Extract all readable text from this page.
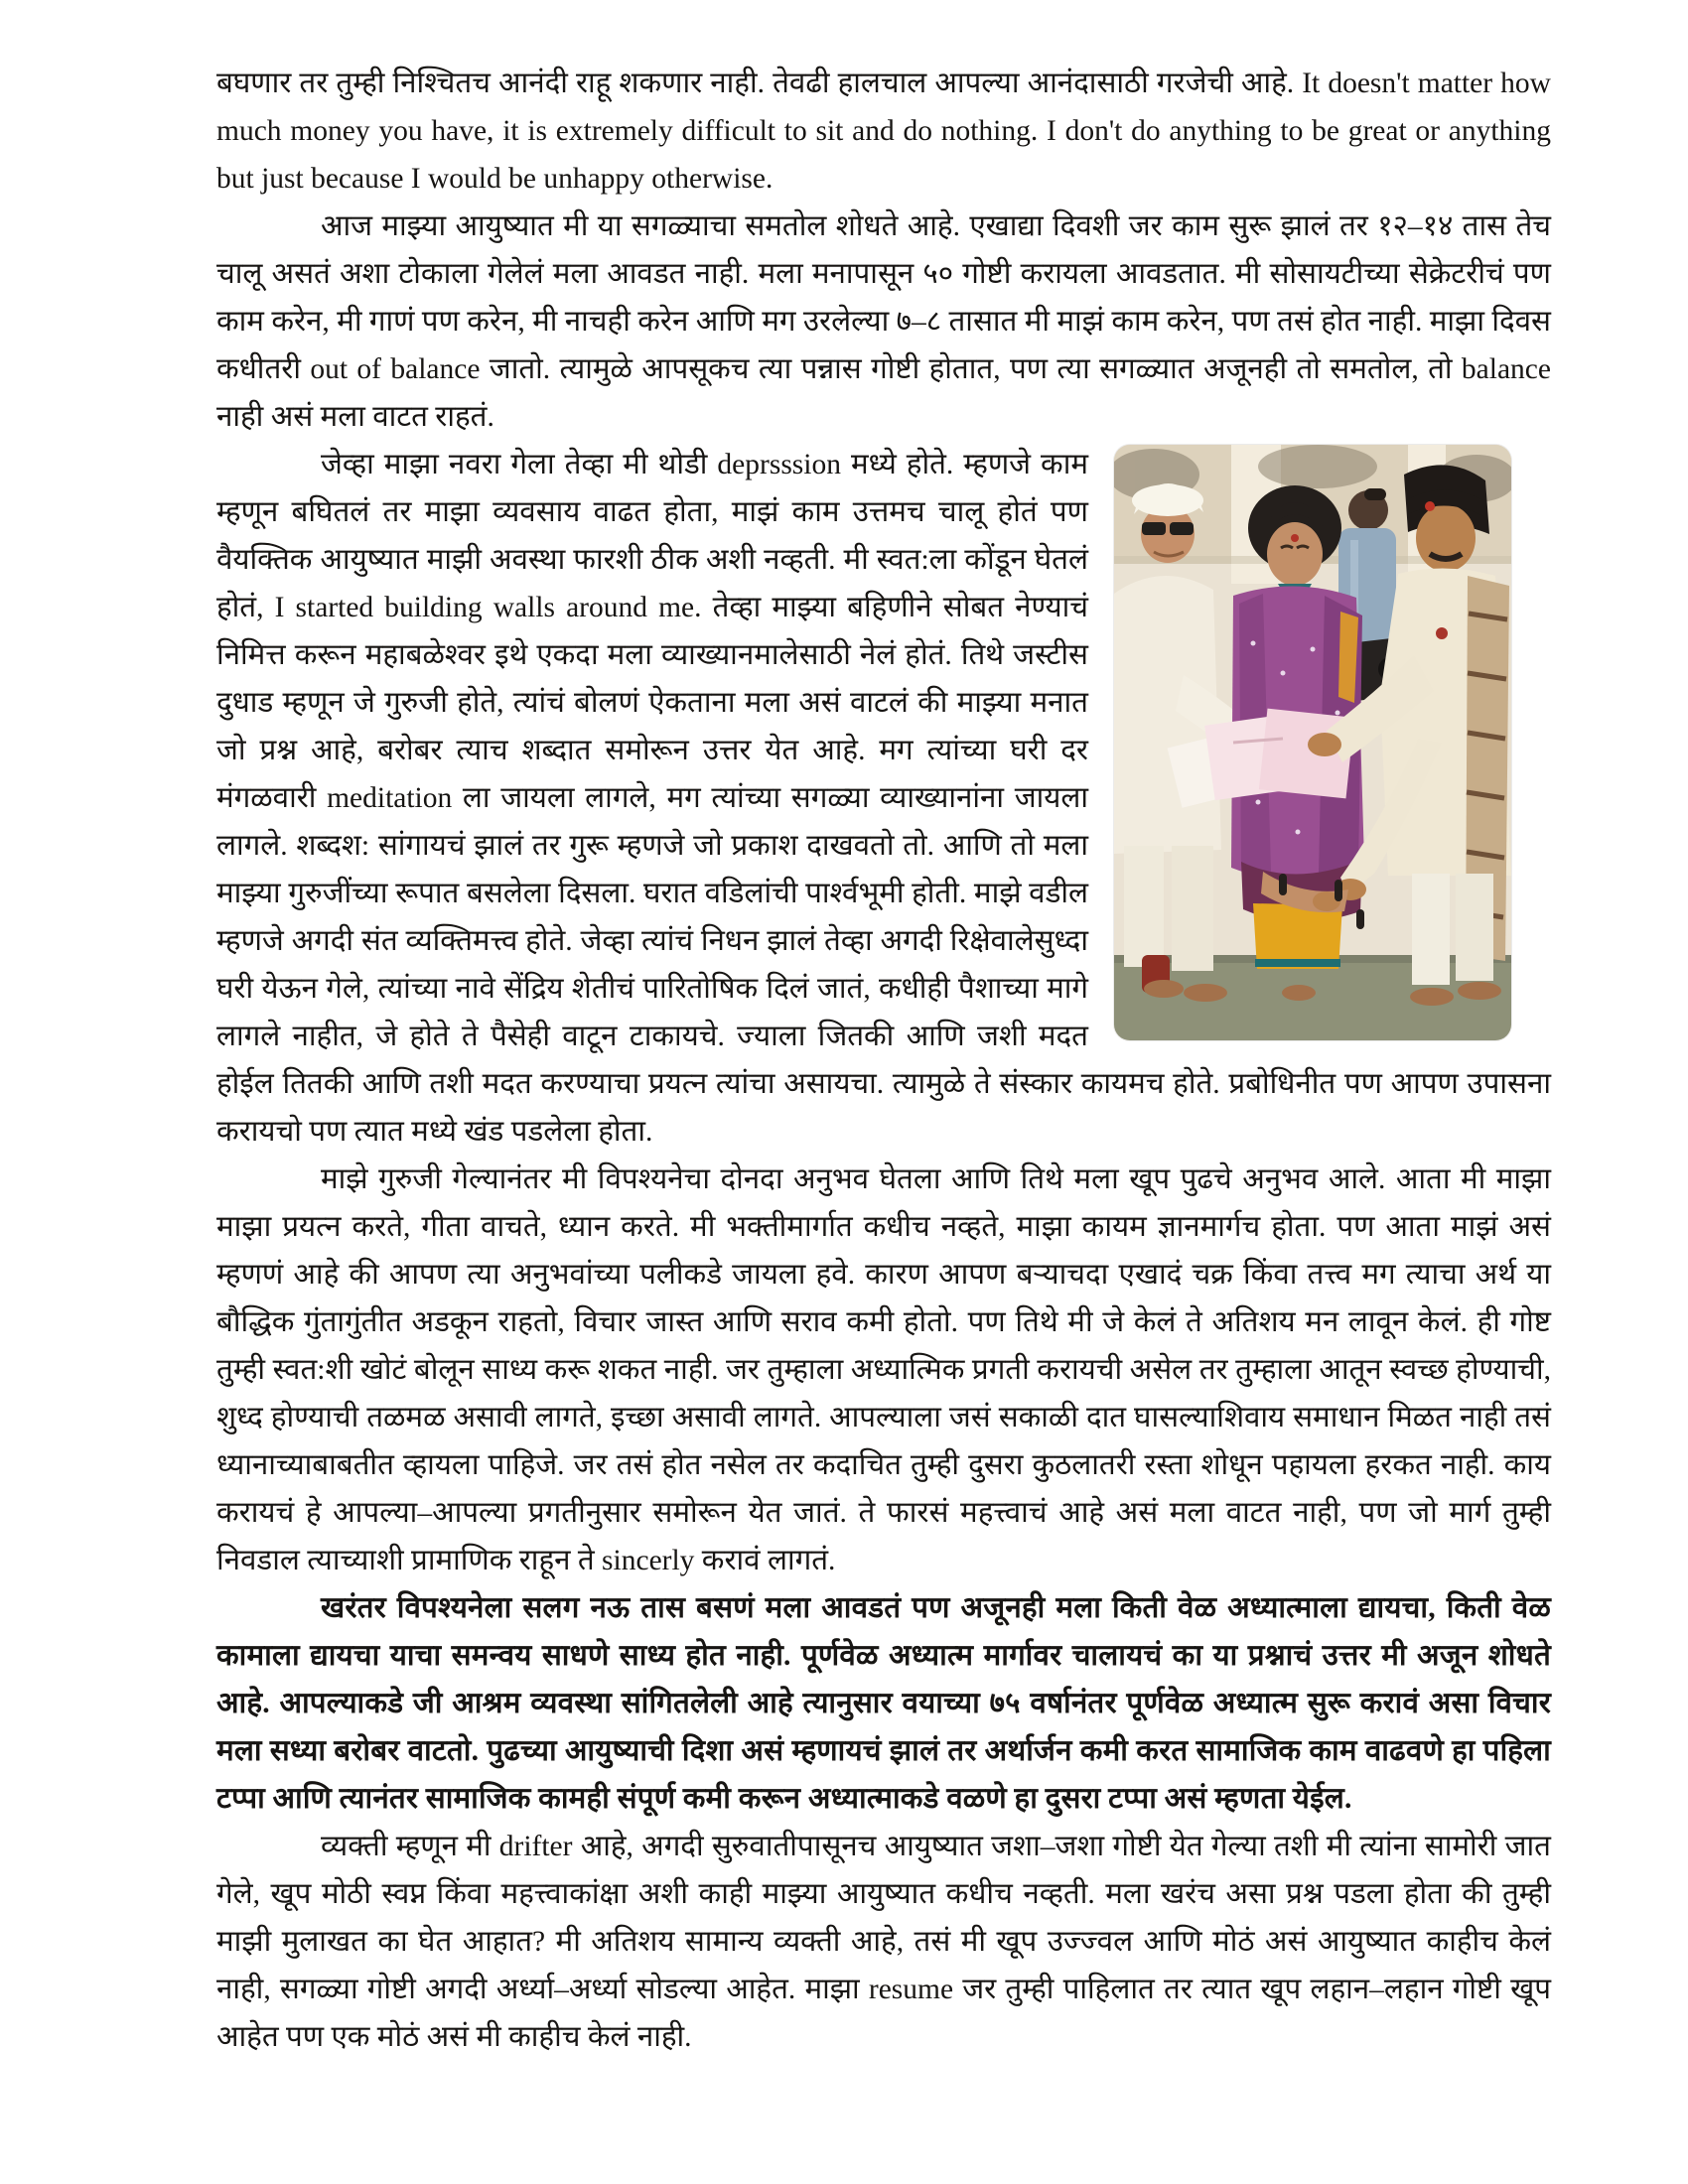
बघणार तर तुम्ही निश्चितच आनंदी राहू शकणार नाही. तेवढी हालचाल आपल्या आनंदासाठी गरजेची आहे. It doesn't matter how much money you have, it is extremely difficult to sit and do nothing. I don't do anything to be great or anything but just because I would be unhappy otherwise.

आज माझ्या आयुष्यात मी या सगळ्याचा समतोल शोधते आहे. एखाद्या दिवशी जर काम सुरू झालं तर १२–१४ तास तेच चालू असतं अशा टोकाला गेलेलं मला आवडत नाही. मला मनापासून ५० गोष्टी करायला आवडतात. मी सोसायटीच्या सेक्रेटरीचं पण काम करेन, मी गाणं पण करेन, मी नाचही करेन आणि मग उरलेल्या ७–८ तासात मी माझं काम करेन, पण तसं होत नाही. माझा दिवस कधीतरी out of balance जातो. त्यामुळे आपसूकच त्या पन्नास गोष्टी होतात, पण त्या सगळ्यात अजूनही तो समतोल, तो balance नाही असं मला वाटत राहतं.

जेव्हा माझा नवरा गेला तेव्हा मी थोडी deprsssion मध्ये होते. म्हणजे काम म्हणून बघितलं तर माझा व्यवसाय वाढत होता, माझं काम उत्तमच चालू होतं पण वैयक्तिक आयुष्यात माझी अवस्था फारशी ठीक अशी नव्हती. मी स्वत:ला कोंडून घेतलं होतं, I started building walls around me. तेव्हा माझ्या बहिणीने सोबत नेण्याचं निमित्त करून महाबळेश्वर इथे एकदा मला व्याख्यानमालेसाठी नेलं होतं. तिथे जस्टीस दुधाड म्हणून जे गुरुजी होते, त्यांचं बोलणं ऐकताना मला असं वाटलं की माझ्या मनात जो प्रश्न आहे, बरोबर त्याच शब्दात समोरून उत्तर येत आहे. मग त्यांच्या घरी दर मंगळवारी meditation ला जायला लागले, मग त्यांच्या सगळ्या व्याख्यानांना जायला लागले. शब्दश: सांगायचं झालं तर गुरू म्हणजे जो प्रकाश दाखवतो तो. आणि तो मला माझ्या गुरुजींच्या रूपात बसलेला दिसला. घरात वडिलांची पार्श्वभूमी होती. माझे वडील म्हणजे अगदी संत व्यक्तिमत्त्व होते. जेव्हा त्यांचं निधन झालं तेव्हा अगदी रिक्षेवालेसुध्दा घरी येऊन गेले, त्यांच्या नावे सेंद्रिय शेतीचं पारितोषिक दिलं जातं, कधीही पैशाच्या मागे लागले नाहीत, जे होते ते पैसेही वाटून टाकायचे. ज्याला जितकी आणि जशी मदत होईल तितकी आणि तशी मदत करण्याचा प्रयत्न त्यांचा असायचा. त्यामुळे ते संस्कार कायमच होते. प्रबोधिनीत पण आपण उपासना करायचो पण त्यात मध्ये खंड पडलेला होता.

माझे गुरुजी गेल्यानंतर मी विपश्यनेचा दोनदा अनुभव घेतला आणि तिथे मला खूप पुढचे अनुभव आले. आता मी माझा माझा प्रयत्न करते, गीता वाचते, ध्यान करते. मी भक्तीमार्गात कधीच नव्हते, माझा कायम ज्ञानमार्गच होता. पण आता माझं असं म्हणणं आहे की आपण त्या अनुभवांच्या पलीकडे जायला हवे. कारण आपण बऱ्याचदा एखादं चक्र किंवा तत्त्व मग त्याचा अर्थ या बौद्धिक गुंतागुंतीत अडकून राहतो, विचार जास्त आणि सराव कमी होतो. पण तिथे मी जे केलं ते अतिशय मन लावून केलं. ही गोष्ट तुम्ही स्वत:शी खोटं बोलून साध्य करू शकत नाही. जर तुम्हाला अध्यात्मिक प्रगती करायची असेल तर तुम्हाला आतून स्वच्छ होण्याची, शुध्द होण्याची तळमळ असावी लागते, इच्छा असावी लागते. आपल्याला जसं सकाळी दात घासल्याशिवाय समाधान मिळत नाही तसं ध्यानाच्याबाबतीत व्हायला पाहिजे. जर तसं होत नसेल तर कदाचित तुम्ही दुसरा कुठलातरी रस्ता शोधून पहायला हरकत नाही. काय करायचं हे आपल्या–आपल्या प्रगतीनुसार समोरून येत जातं. ते फारसं महत्त्वाचं आहे असं मला वाटत नाही, पण जो मार्ग तुम्ही निवडाल त्याच्याशी प्रामाणिक राहून ते sincerly करावं लागतं.

खरंतर विपश्यनेला सलग नऊ तास बसणं मला आवडतं पण अजूनही मला किती वेळ अध्यात्माला द्यायचा, किती वेळ कामाला द्यायचा याचा समन्वय साधणे साध्य होत नाही. पूर्णवेळ अध्यात्म मार्गावर चालायचं का या प्रश्नाचं उत्तर मी अजून शोधते आहे. आपल्याकडे जी आश्रम व्यवस्था सांगितलेली आहे त्यानुसार वयाच्या ७५ वर्षानंतर पूर्णवेळ अध्यात्म सुरू करावं असा विचार मला सध्या बरोबर वाटतो. पुढच्या आयुष्याची दिशा असं म्हणायचं झालं तर अर्थार्जन कमी करत सामाजिक काम वाढवणे हा पहिला टप्पा आणि त्यानंतर सामाजिक कामही संपूर्ण कमी करून अध्यात्माकडे वळणे हा दुसरा टप्पा असं म्हणता येईल.

व्यक्ती म्हणून मी drifter आहे, अगदी सुरुवातीपासूनच आयुष्यात जशा–जशा गोष्टी येत गेल्या तशी मी त्यांना सामोरी जात गेले, खूप मोठी स्वप्न किंवा महत्त्वाकांक्षा अशी काही माझ्या आयुष्यात कधीच नव्हती. मला खरंच असा प्रश्न पडला होता की तुम्ही माझी मुलाखत का घेत आहात? मी अतिशय सामान्य व्यक्ती आहे, तसं मी खूप उज्ज्वल आणि मोठं असं आयुष्यात काहीच केलं नाही, सगळ्या गोष्टी अगदी अर्ध्या–अर्ध्या सोडल्या आहेत. माझा resume जर तुम्ही पाहिलात तर त्यात खूप लहान–लहान गोष्टी खूप आहेत पण एक मोठं असं मी काहीच केलं नाही.
